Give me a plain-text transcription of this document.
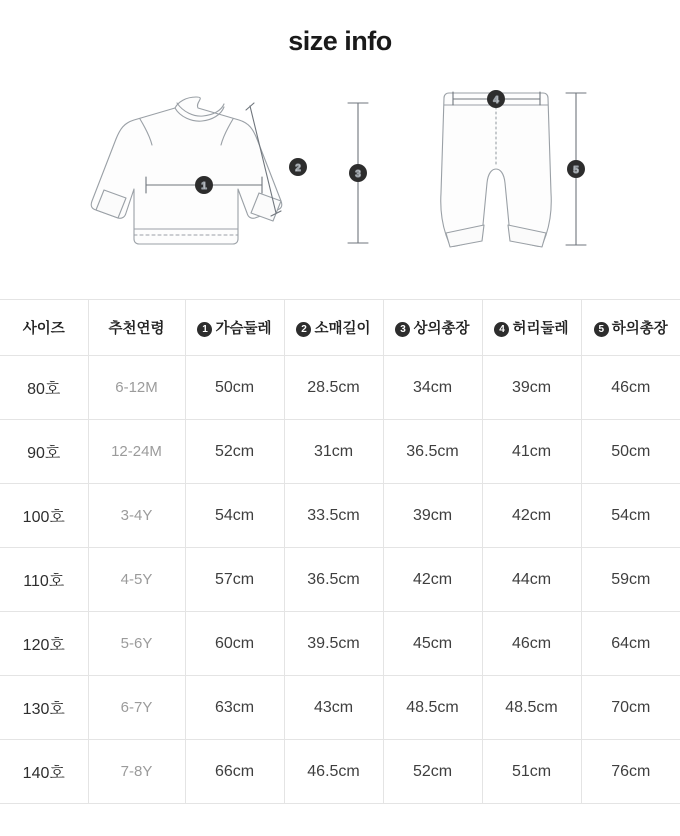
size info
1
2
3
4
5
사이즈	추천연령	1 가슴둘레	2 소매길이	3 상의총장	4 허리둘레	5 하의총장
80호	6-12M	50cm	28.5cm	34cm	39cm	46cm
90호	12-24M	52cm	31cm	36.5cm	41cm	50cm
100호	3-4Y	54cm	33.5cm	39cm	42cm	54cm
110호	4-5Y	57cm	36.5cm	42cm	44cm	59cm
120호	5-6Y	60cm	39.5cm	45cm	46cm	64cm
130호	6-7Y	63cm	43cm	48.5cm	48.5cm	70cm
140호	7-8Y	66cm	46.5cm	52cm	51cm	76cm
